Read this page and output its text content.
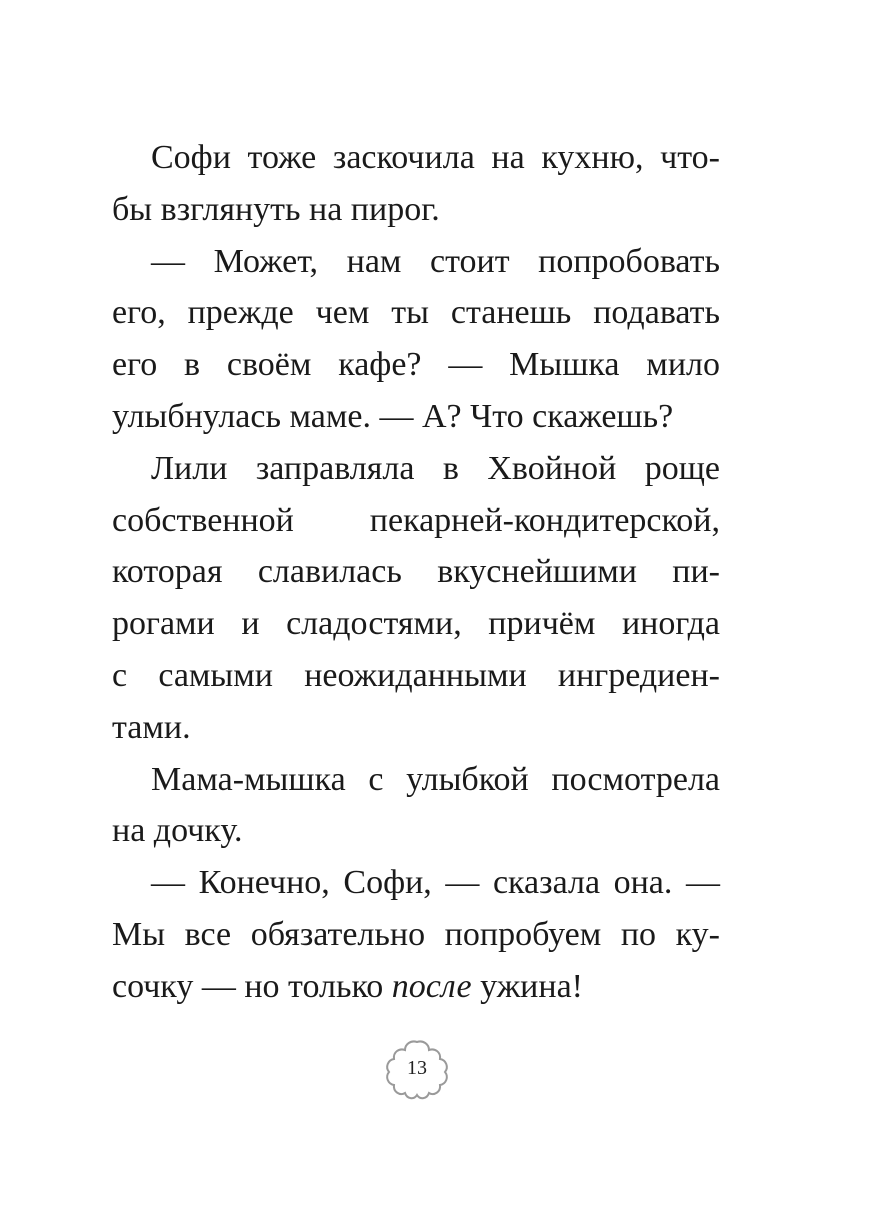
Софи тоже заскочила на кухню, что-
бы взглянуть на пирог.
— Может, нам стоит попробовать
его, прежде чем ты станешь подавать
его в своём кафе? — Мышка мило
улыбнулась маме. — А? Что скажешь?
Лили заправляла в Хвойной роще
собственной пекарней-кондитерской,
которая славилась вкуснейшими пи-
рогами и сладостями, причём иногда
с самыми неожиданными ингредиен-
тами.
Мама-мышка с улыбкой посмотрела
на дочку.
— Конечно, Софи, — сказала она. —
Мы все обязательно попробуем по ку-
сочку — но только после ужина!
13
